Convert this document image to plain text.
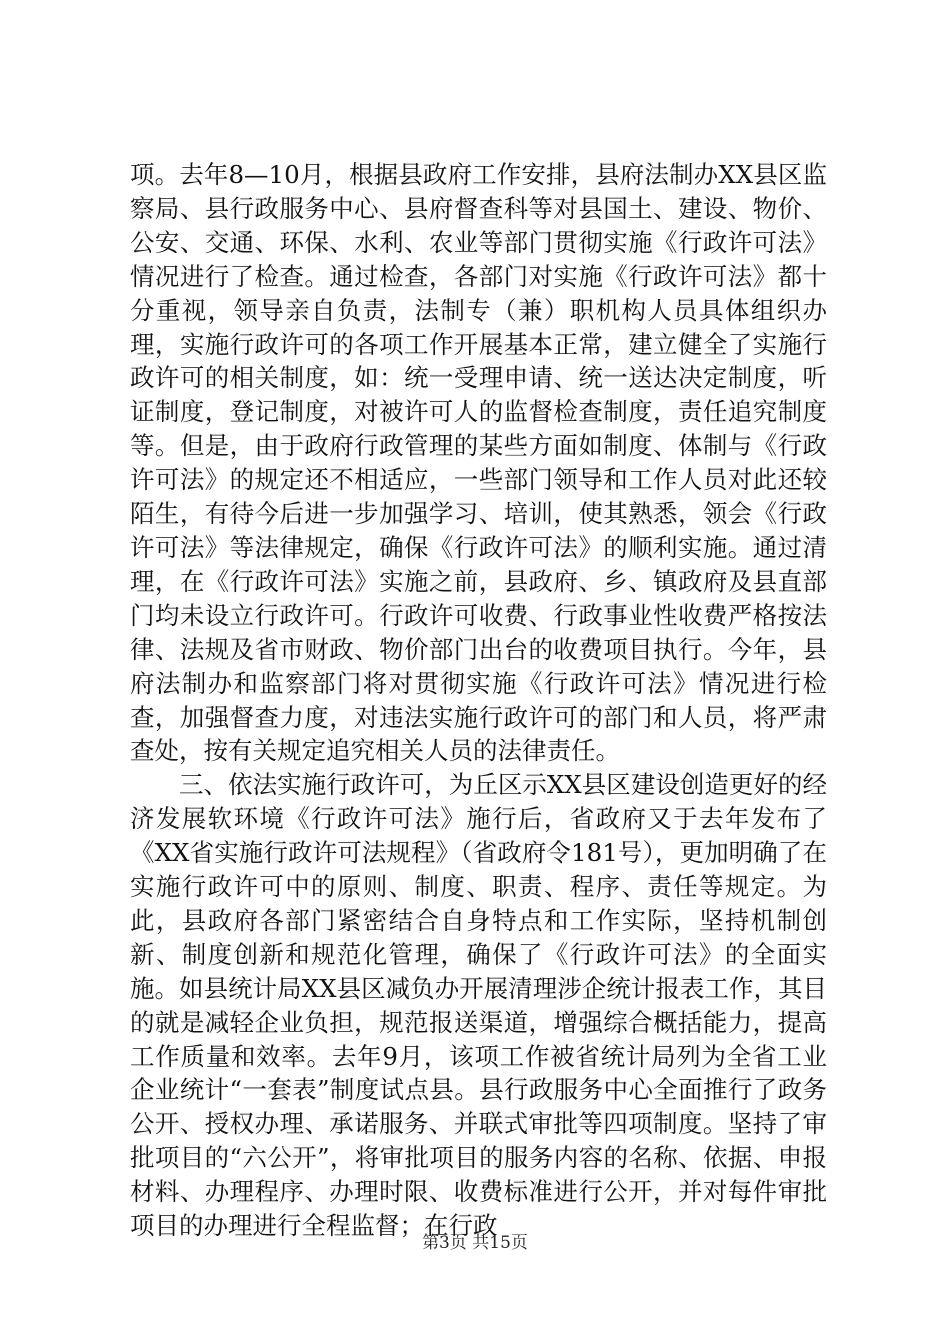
项。去年8—10月，根据县政府工作安排，县府法制办XX县区监察局、县行政服务中心、县府督查科等对县国土、建设、物价、公安、交通、环保、水利、农业等部门贯彻实施《行政许可法》情况进行了检查。通过检查，各部门对实施《行政许可法》都十分重视，领导亲自负责，法制专（兼）职机构人员具体组织办理，实施行政许可的各项工作开展基本正常，建立健全了实施行政许可的相关制度，如：统一受理申请、统一送达决定制度，听证制度，登记制度，对被许可人的监督检查制度，责任追究制度等。但是，由于政府行政管理的某些方面如制度、体制与《行政许可法》的规定还不相适应，一些部门领导和工作人员对此还较陌生，有待今后进一步加强学习、培训，使其熟悉，领会《行政许可法》等法律规定，确保《行政许可法》的顺利实施。通过清理，在《行政许可法》实施之前，县政府、乡、镇政府及县直部门均未设立行政许可。行政许可收费、行政事业性收费严格按法律、法规及省市财政、物价部门出台的收费项目执行。今年，县府法制办和监察部门将对贯彻实施《行政许可法》情况进行检查，加强督查力度，对违法实施行政许可的部门和人员，将严肃查处，按有关规定追究相关人员的法律责任。

三、依法实施行政许可，为丘区示XX县区建设创造更好的经济发展软环境《行政许可法》施行后，省政府又于去年发布了《XX省实施行政许可法规程》（省政府令181号），更加明确了在实施行政许可中的原则、制度、职责、程序、责任等规定。为此，县政府各部门紧密结合自身特点和工作实际，坚持机制创新、制度创新和规范化管理，确保了《行政许可法》的全面实施。如县统计局XX县区减负办开展清理涉企统计报表工作，其目的就是减轻企业负担，规范报送渠道，增强综合概括能力，提高工作质量和效率。去年9月，该项工作被省统计局列为全省工业企业统计“一套表”制度试点县。县行政服务中心全面推行了政务公开、授权办理、承诺服务、并联式审批等四项制度。坚持了审批项目的“六公开”，将审批项目的服务内容的名称、依据、申报材料、办理程序、办理时限、收费标准进行公开，并对每件审批项目的办理进行全程监督；在行政

第3页 共15页
